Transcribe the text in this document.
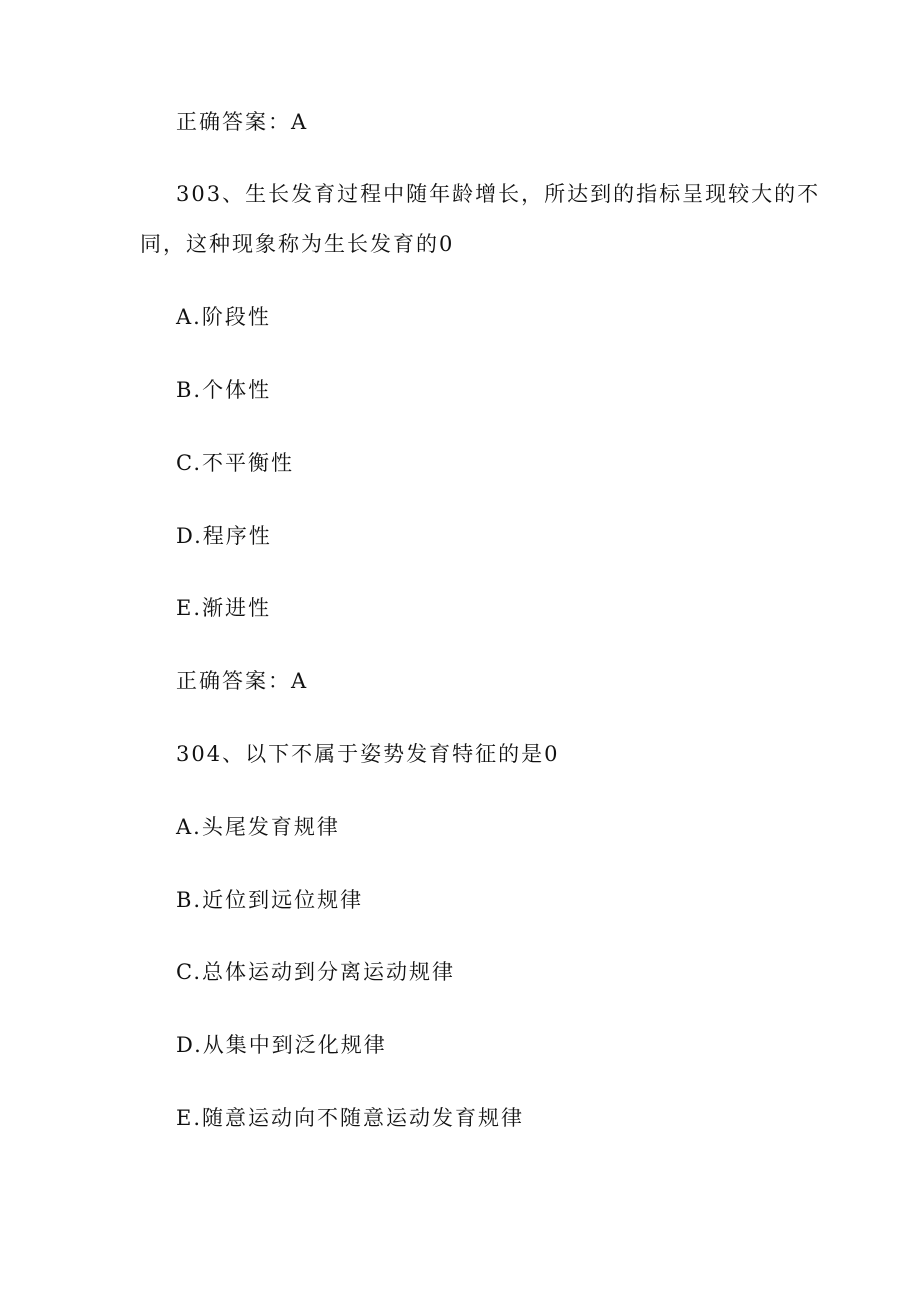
正确答案：A
303、生长发育过程中随年龄增长，所达到的指标呈现较大的不
同，这种现象称为生长发育的0
A.阶段性
B.个体性
C.不平衡性
D.程序性
E.渐进性
正确答案：A
304、以下不属于姿势发育特征的是0
A.头尾发育规律
B.近位到远位规律
C.总体运动到分离运动规律
D.从集中到泛化规律
E.随意运动向不随意运动发育规律
